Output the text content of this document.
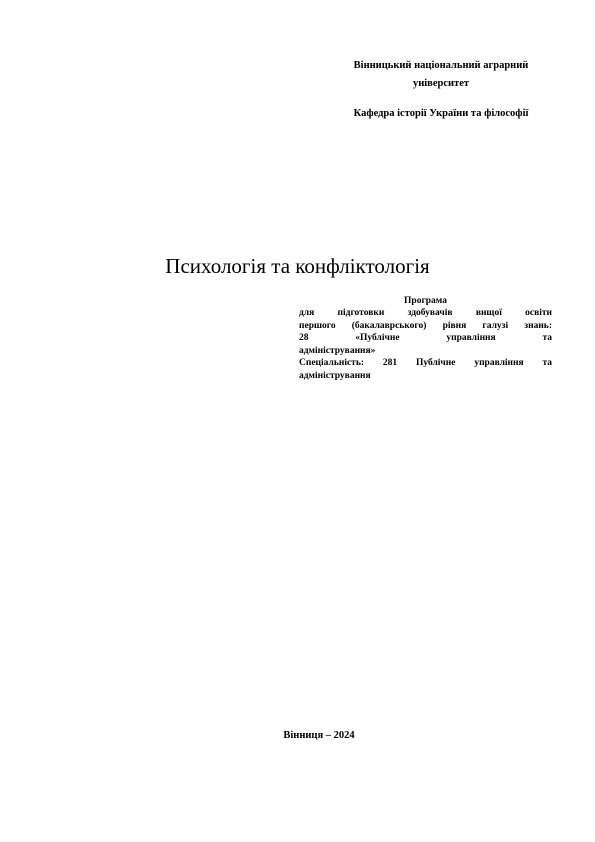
Вінницький національний аграрний
університет
Кафедра історії України та філософії
Психологія та конфліктологія
Програма
для підготовки здобувачів вищої освіти
першого (бакалаврського) рівня галузі знань:
28 «Публічне управління та
адміністрування»
Спеціальність: 281 Публічне управління та
адміністрування
Вінниця – 2024
